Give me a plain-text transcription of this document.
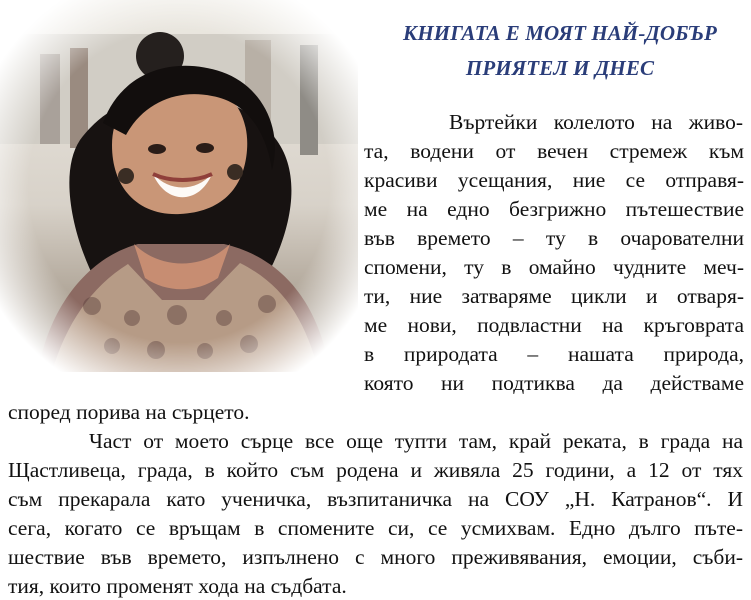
КНИГАТА Е МОЯТ НАЙ-ДОБЪР
ПРИЯТЕЛ И ДНЕС
Въртейки колелото на живо-
та, водени от вечен стремеж към
красиви усещания, ние се отправя-
ме на едно безгрижно пътешествие
във времето – ту в очарователни
спомени, ту в омайно чудните меч-
ти, ние затваряме цикли и отваря-
ме нови, подвластни на кръговрата
в природата – нашата природа,
която ни подтиква да действаме
според порива на сърцето.
Част от моето сърце все още тупти там, край реката, в града на
Щастливеца, града, в който съм родена и живяла 25 години, а 12 от тях
съм прекарала като ученичка, възпитаничка на СОУ „Н. Катранов“. И
сега, когато се връщам в спомените си, се усмихвам. Едно дълго пъте-
шествие във времето, изпълнено с много преживявания, емоции, съби-
тия, които променят хода на съдбата.
